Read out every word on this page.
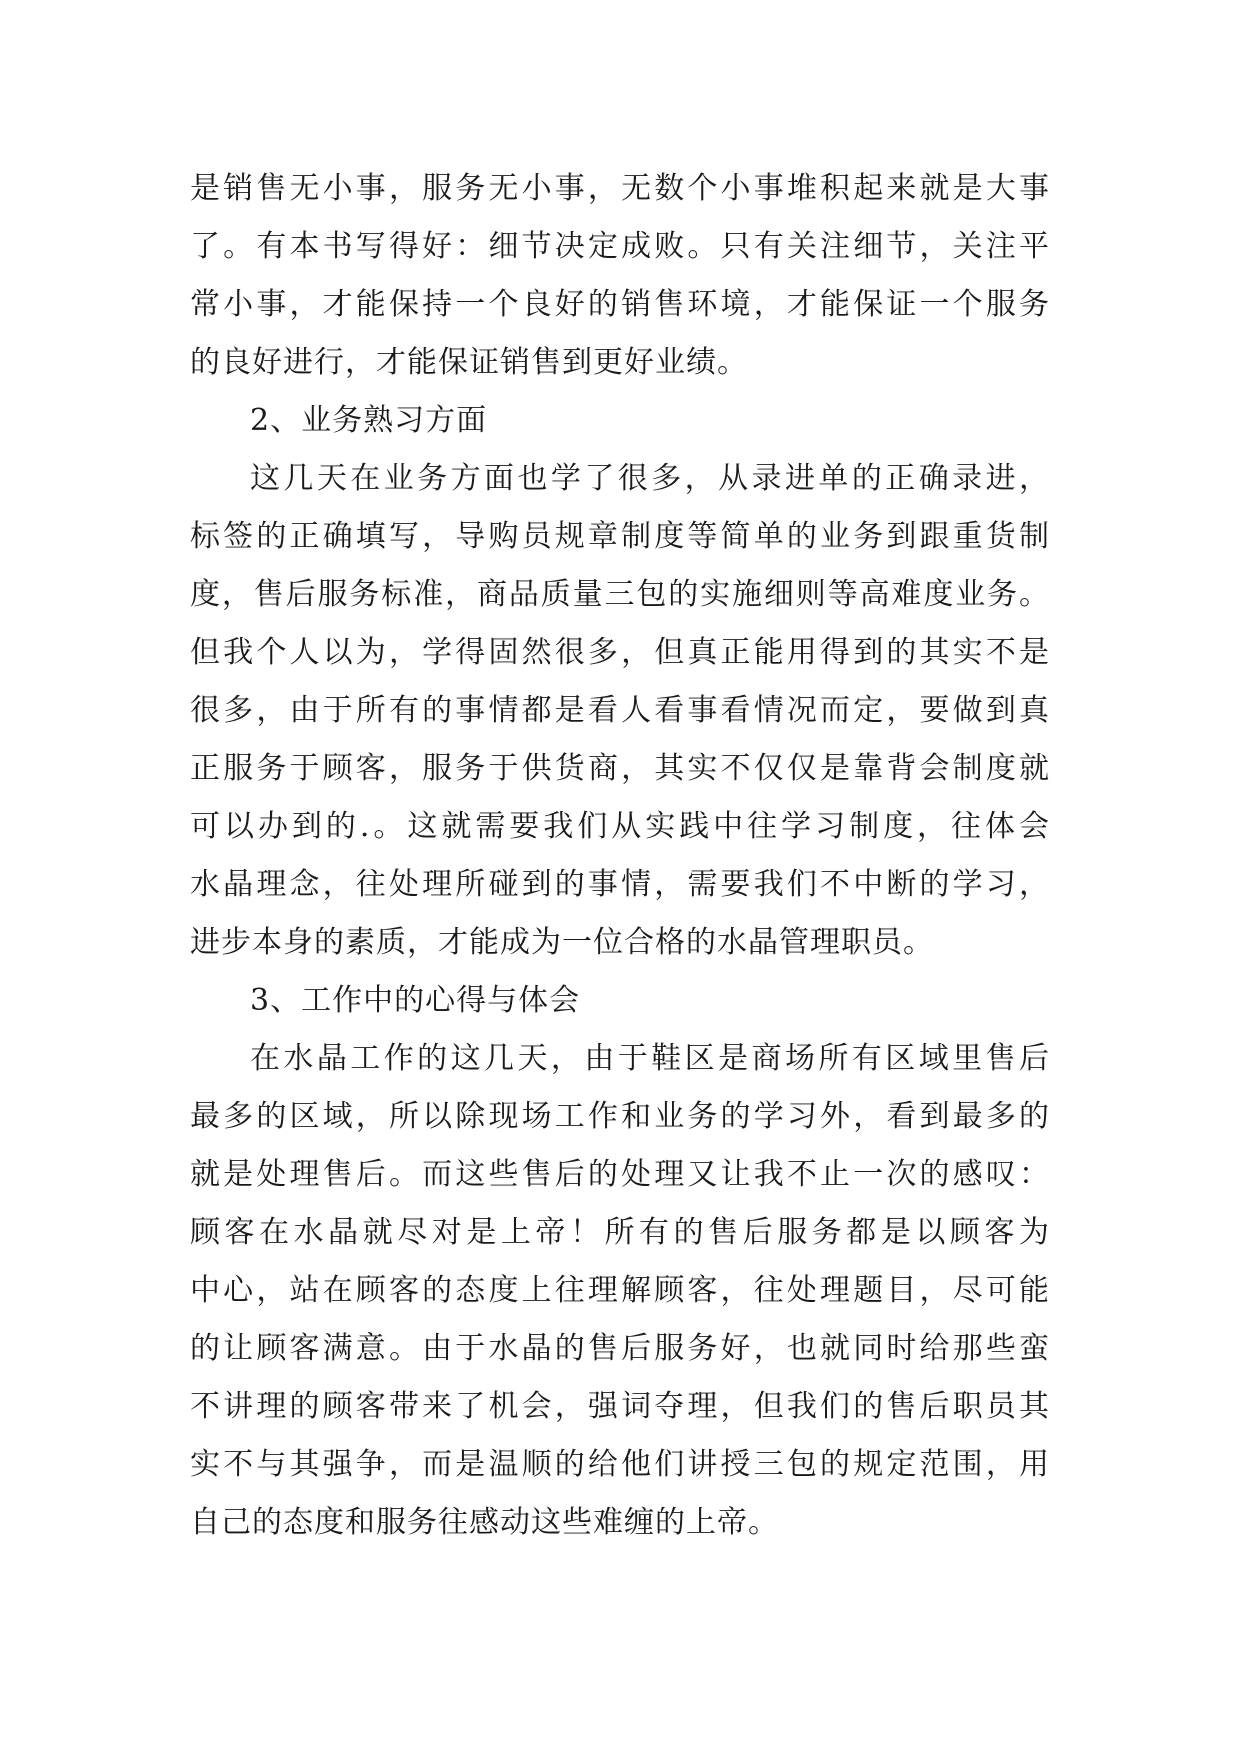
是销售无小事，服务无小事，无数个小事堆积起来就是大事
了。有本书写得好：细节决定成败。只有关注细节，关注平
常小事，才能保持一个良好的销售环境，才能保证一个服务
的良好进行，才能保证销售到更好业绩。
2、业务熟习方面
这几天在业务方面也学了很多，从录进单的正确录进，
标签的正确填写，导购员规章制度等简单的业务到跟重货制
度，售后服务标准，商品质量三包的实施细则等高难度业务。
但我个人以为，学得固然很多，但真正能用得到的其实不是
很多，由于所有的事情都是看人看事看情况而定，要做到真
正服务于顾客，服务于供货商，其实不仅仅是靠背会制度就
可以办到的.。这就需要我们从实践中往学习制度，往体会
水晶理念，往处理所碰到的事情，需要我们不中断的学习，
进步本身的素质，才能成为一位合格的水晶管理职员。
3、工作中的心得与体会
在水晶工作的这几天，由于鞋区是商场所有区域里售后
最多的区域，所以除现场工作和业务的学习外，看到最多的
就是处理售后。而这些售后的处理又让我不止一次的感叹：
顾客在水晶就尽对是上帝！所有的售后服务都是以顾客为
中心，站在顾客的态度上往理解顾客，往处理题目，尽可能
的让顾客满意。由于水晶的售后服务好，也就同时给那些蛮
不讲理的顾客带来了机会，强词夺理，但我们的售后职员其
实不与其强争，而是温顺的给他们讲授三包的规定范围，用
自己的态度和服务往感动这些难缠的上帝。
